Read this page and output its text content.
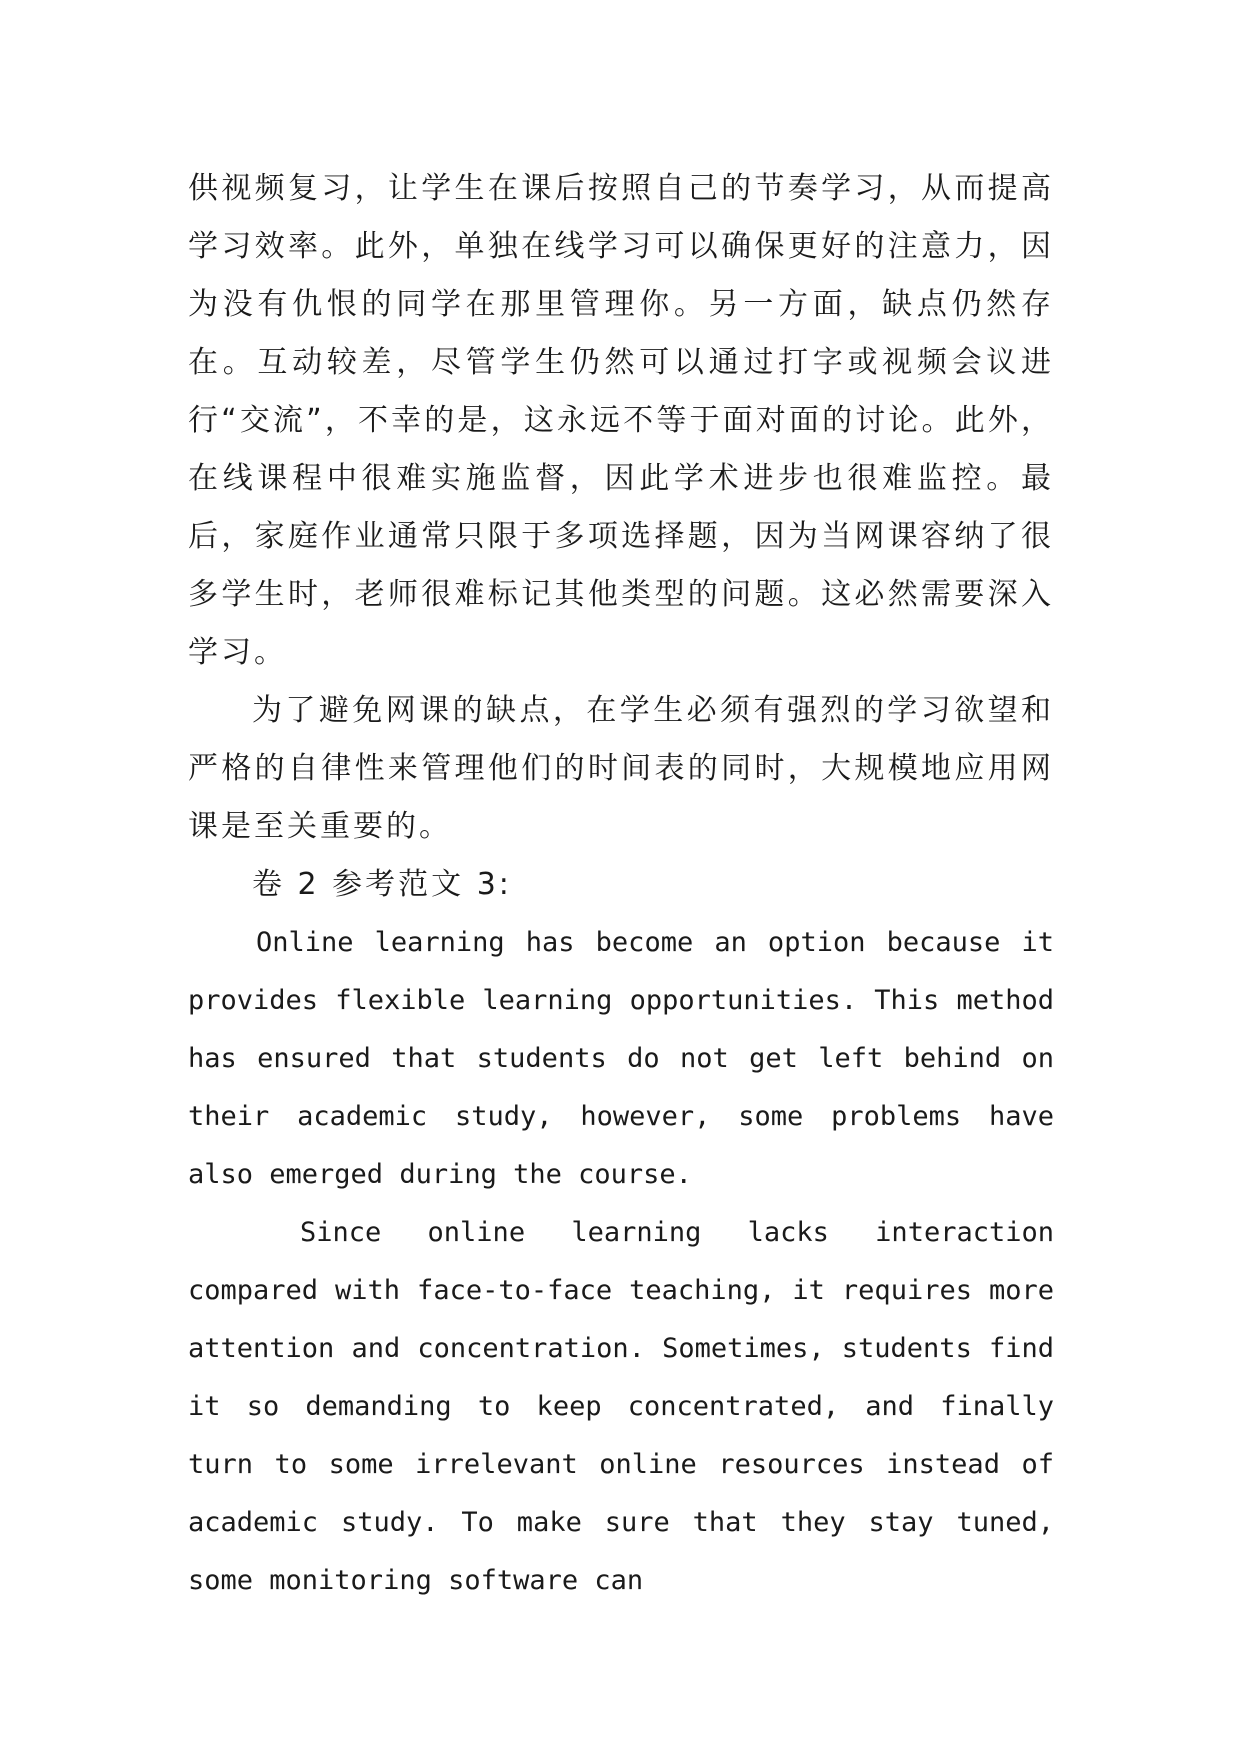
供视频复习，让学生在课后按照自己的节奏学习，从而提高学习效率。此外，单独在线学习可以确保更好的注意力，因为没有仇恨的同学在那里管理你。另一方面，缺点仍然存在。互动较差，尽管学生仍然可以通过打字或视频会议进行“交流”，不幸的是，这永远不等于面对面的讨论。此外，在线课程中很难实施监督，因此学术进步也很难监控。最后，家庭作业通常只限于多项选择题，因为当网课容纳了很多学生时，老师很难标记其他类型的问题。这必然需要深入学习。

为了避免网课的缺点，在学生必须有强烈的学习欲望和严格的自律性来管理他们的时间表的同时，大规模地应用网课是至关重要的。

卷 2 参考范文 3:

Online learning has become an option because it provides flexible learning opportunities. This method has ensured that students do not get left behind on their academic study, however, some problems have also emerged during the course.

Since online learning lacks interaction compared with face-to-face teaching, it requires more attention and concentration. Sometimes, students find it so demanding to keep concentrated, and finally turn to some irrelevant online resources instead of academic study. To make sure that they stay tuned, some monitoring software can
